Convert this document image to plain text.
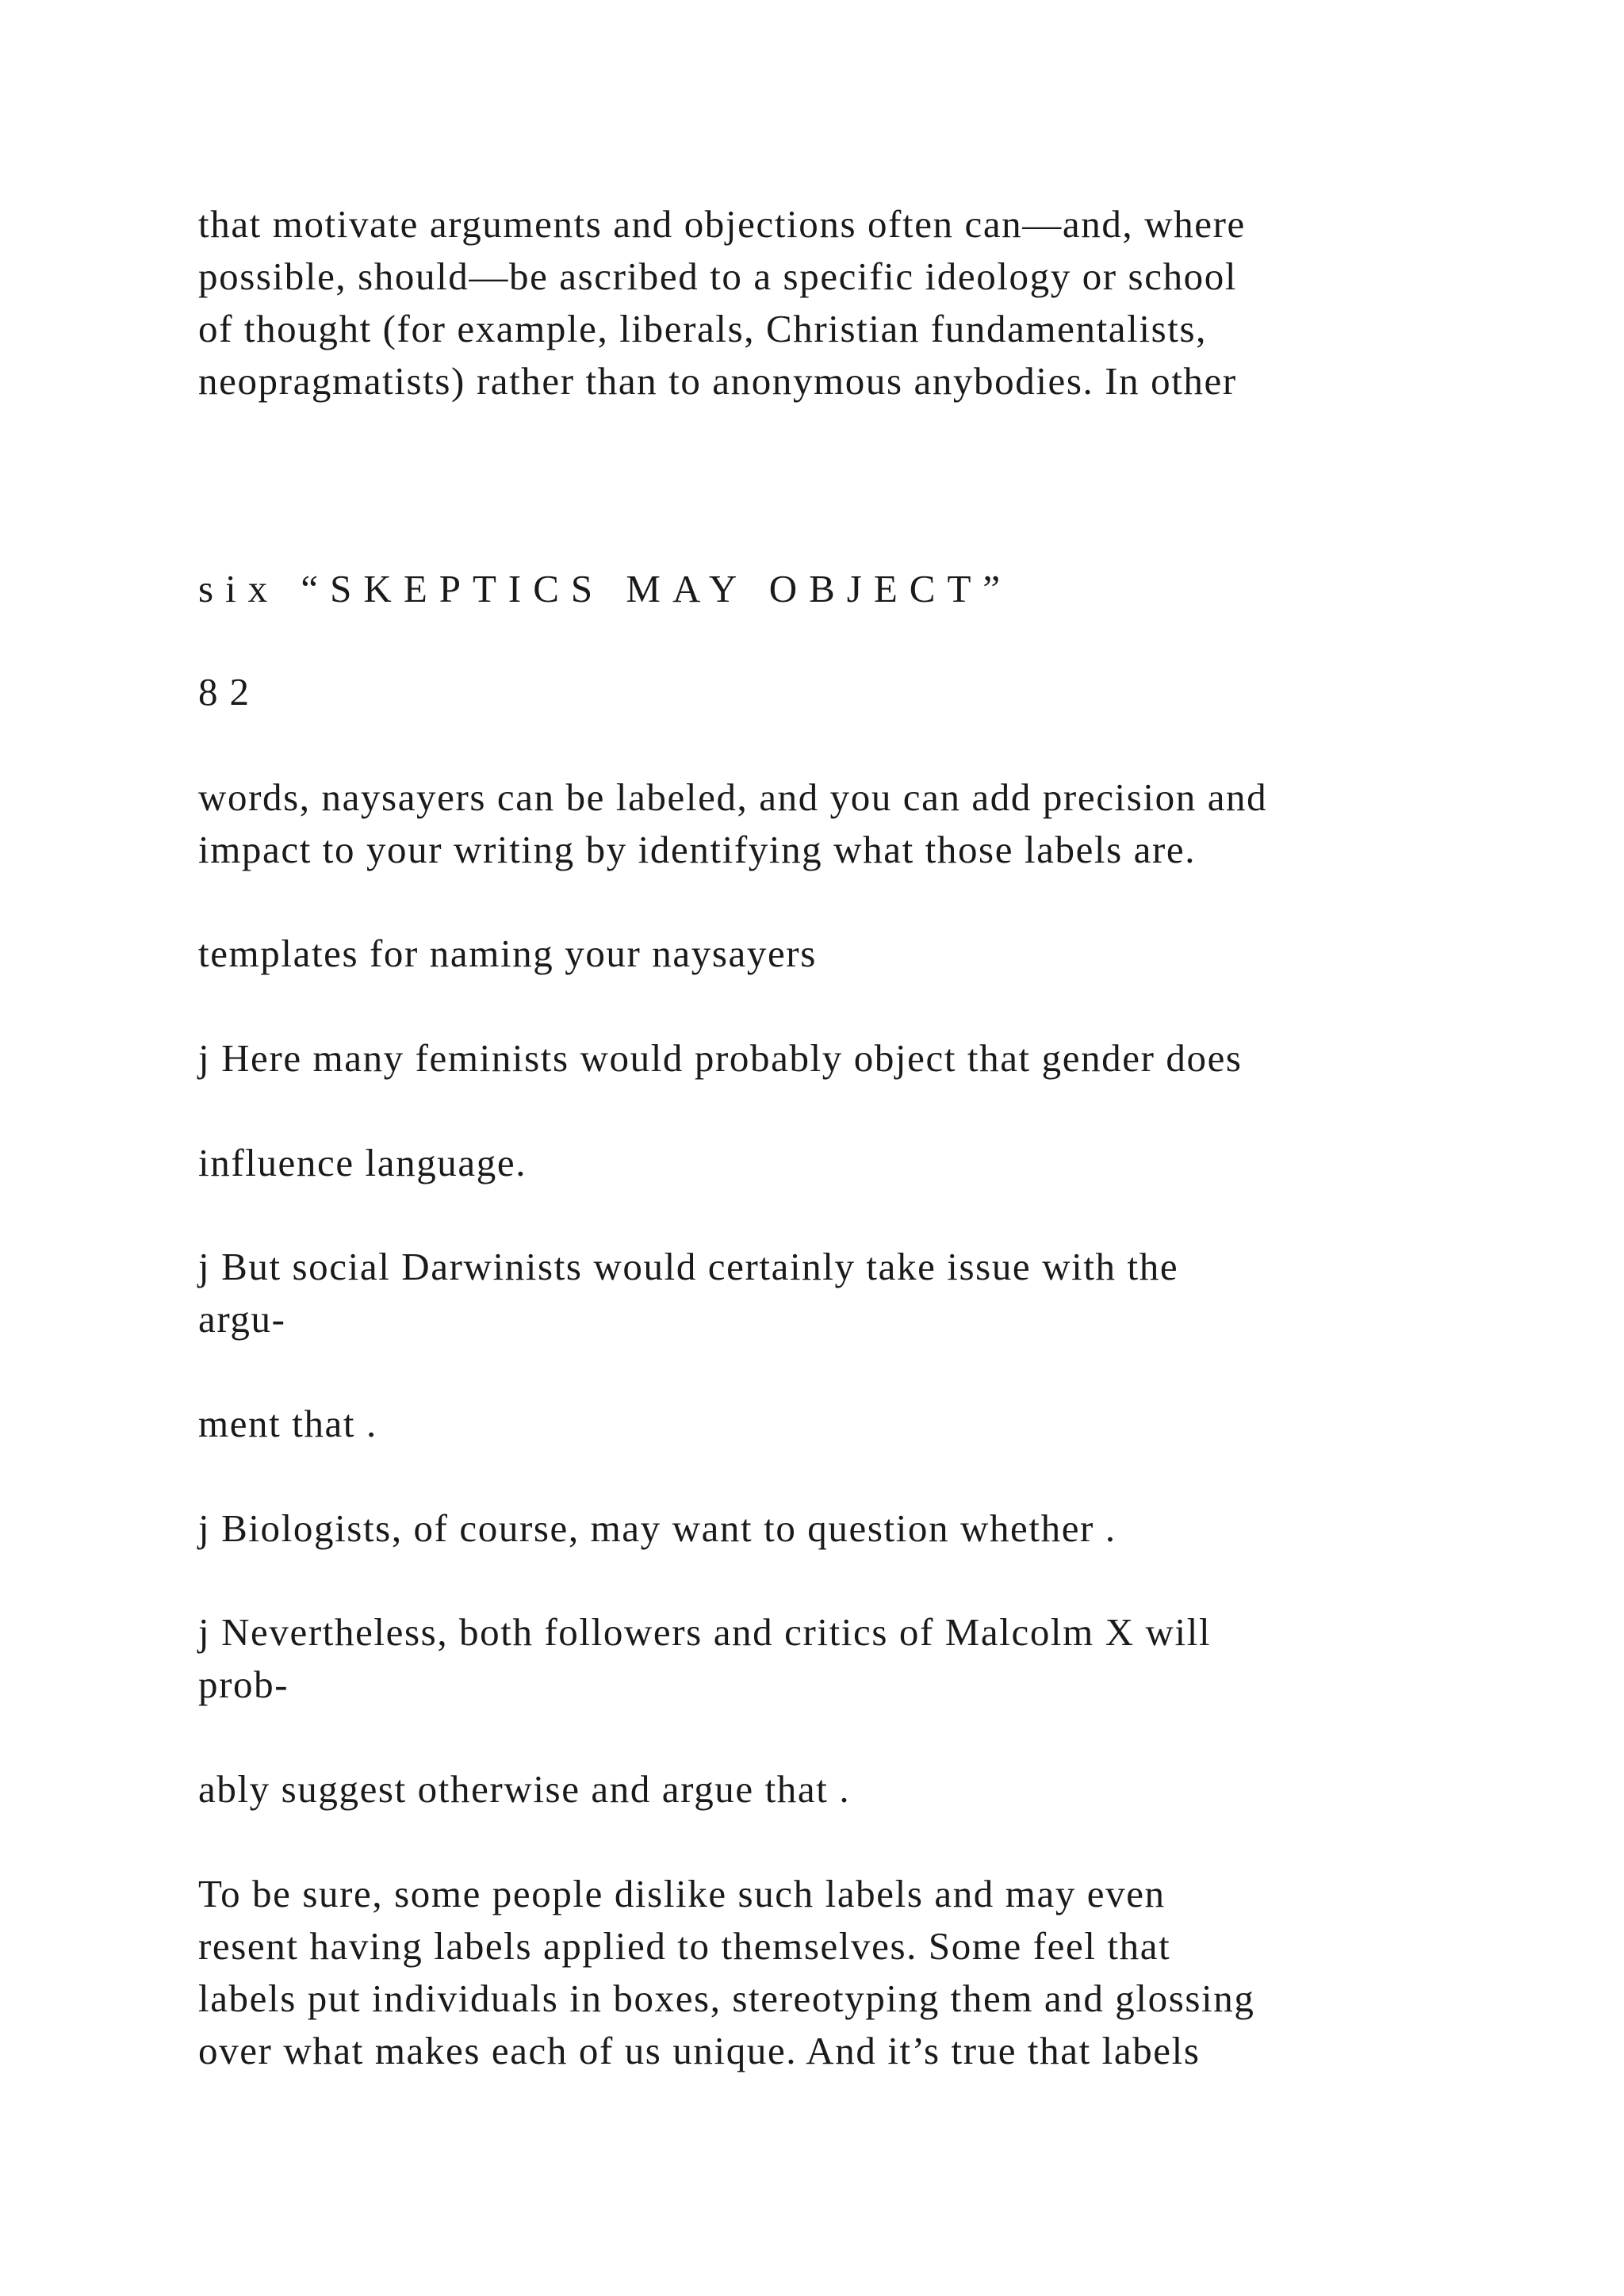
that motivate arguments and objections often can—and, where
possible, should—be ascribed to a specific ideology or school
of thought (for example, liberals, Christian fundamentalists,
neopragmatists) rather than to anonymous anybodies. In other
six “SKEPTICS MAY OBJECT”
82
words, naysayers can be labeled, and you can add precision and
impact to your writing by identifying what those labels are.
templates for naming your naysayers
j Here many feminists would probably object that gender does
influence language.
j But social Darwinists would certainly take issue with the
argu-
ment that .
j Biologists, of course, may want to question whether .
j Nevertheless, both followers and critics of Malcolm X will
prob-
ably suggest otherwise and argue that .
To be sure, some people dislike such labels and may even
resent having labels applied to themselves. Some feel that
labels put individuals in boxes, stereotyping them and glossing
over what makes each of us unique. And it’s true that labels
